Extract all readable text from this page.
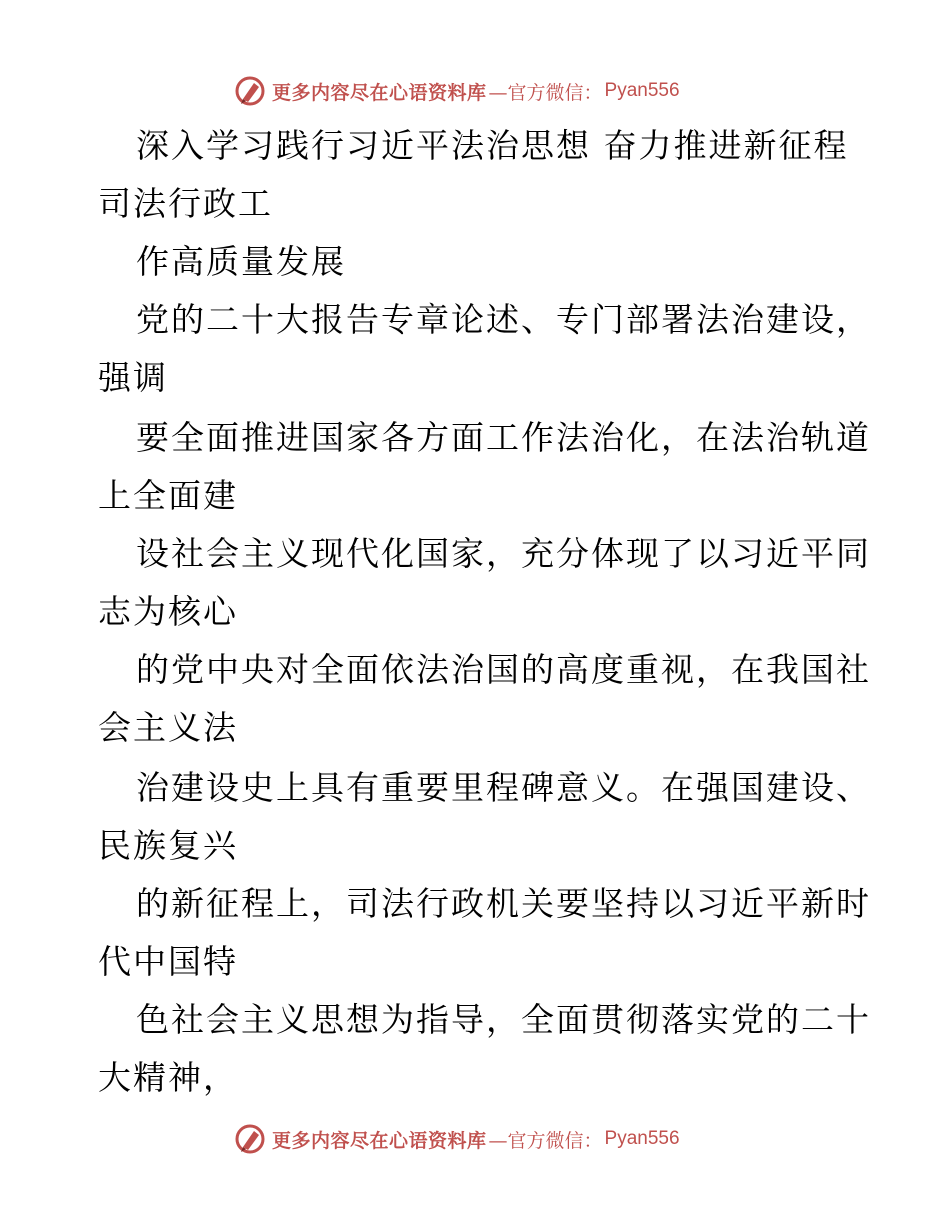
更多内容尽在心语资料库 —官方微信： Pyan556
深入学习践行习近平法治思想 奋力推进新征程
司法行政工
作高质量发展
党的二十大报告专章论述、专门部署法治建设，
强调
要全面推进国家各方面工作法治化，在法治轨道
上全面建
设社会主义现代化国家，充分体现了以习近平同
志为核心
的党中央对全面依法治国的高度重视，在我国社
会主义法
治建设史上具有重要里程碑意义。在强国建设、
民族复兴
的新征程上，司法行政机关要坚持以习近平新时
代中国特
色社会主义思想为指导，全面贯彻落实党的二十
大精神，
更多内容尽在心语资料库 —官方微信： Pyan556
